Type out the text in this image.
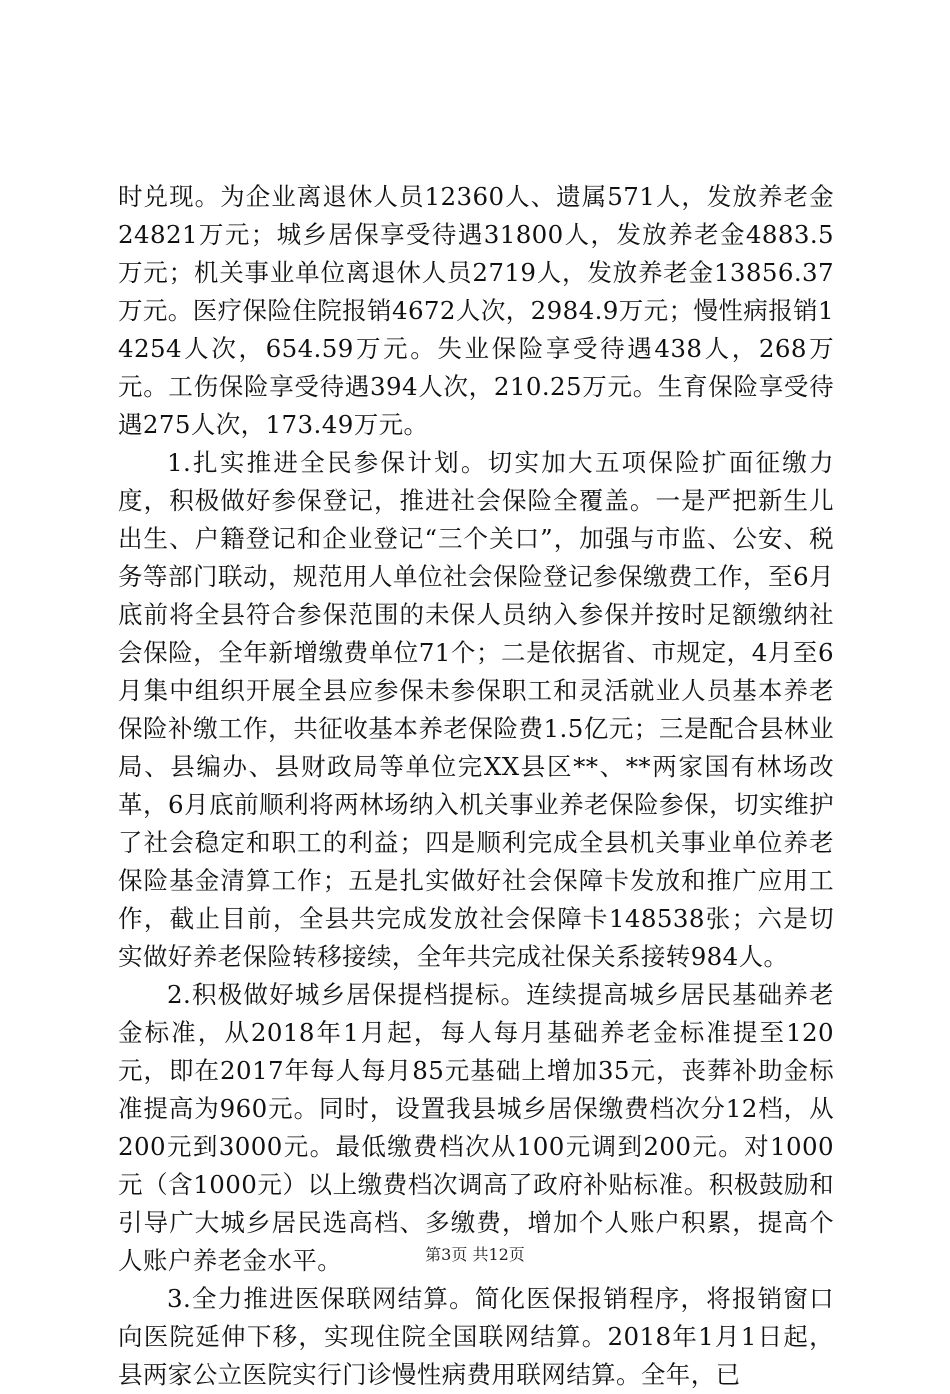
时兑现。为企业离退休人员12360人、遗属571人，发放养老金24821万元；城乡居保享受待遇31800人，发放养老金4883.5万元；机关事业单位离退休人员2719人，发放养老金13856.37万元。医疗保险住院报销4672人次，2984.9万元；慢性病报销14254人次，654.59万元。失业保险享受待遇438人，268万元。工伤保险享受待遇394人次，210.25万元。生育保险享受待遇275人次，173.49万元。

1.扎实推进全民参保计划。切实加大五项保险扩面征缴力度，积极做好参保登记，推进社会保险全覆盖。一是严把新生儿出生、户籍登记和企业登记“三个关口”，加强与市监、公安、税务等部门联动，规范用人单位社会保险登记参保缴费工作，至6月底前将全县符合参保范围的未保人员纳入参保并按时足额缴纳社会保险，全年新增缴费单位71个；二是依据省、市规定，4月至6月集中组织开展全县应参保未参保职工和灵活就业人员基本养老保险补缴工作，共征收基本养老保险费1.5亿元；三是配合县林业局、县编办、县财政局等单位完XX县区**、**两家国有林场改革，6月底前顺利将两林场纳入机关事业养老保险参保，切实维护了社会稳定和职工的利益；四是顺利完成全县机关事业单位养老保险基金清算工作；五是扎实做好社会保障卡发放和推广应用工作，截止目前，全县共完成发放社会保障卡148538张；六是切实做好养老保险转移接续，全年共完成社保关系接转984人。

2.积极做好城乡居保提档提标。连续提高城乡居民基础养老金标准，从2018年1月起，每人每月基础养老金标准提至120元，即在2017年每人每月85元基础上增加35元，丧葬补助金标准提高为960元。同时，设置我县城乡居保缴费档次分12档，从200元到3000元。最低缴费档次从100元调到200元。对1000元（含1000元）以上缴费档次调高了政府补贴标准。积极鼓励和引导广大城乡居民选高档、多缴费，增加个人账户积累，提高个人账户养老金水平。

3.全力推进医保联网结算。简化医保报销程序，将报销窗口向医院延伸下移，实现住院全国联网结算。2018年1月1日起，县两家公立医院实行门诊慢性病费用联网结算。全年，已

第3页 共12页
